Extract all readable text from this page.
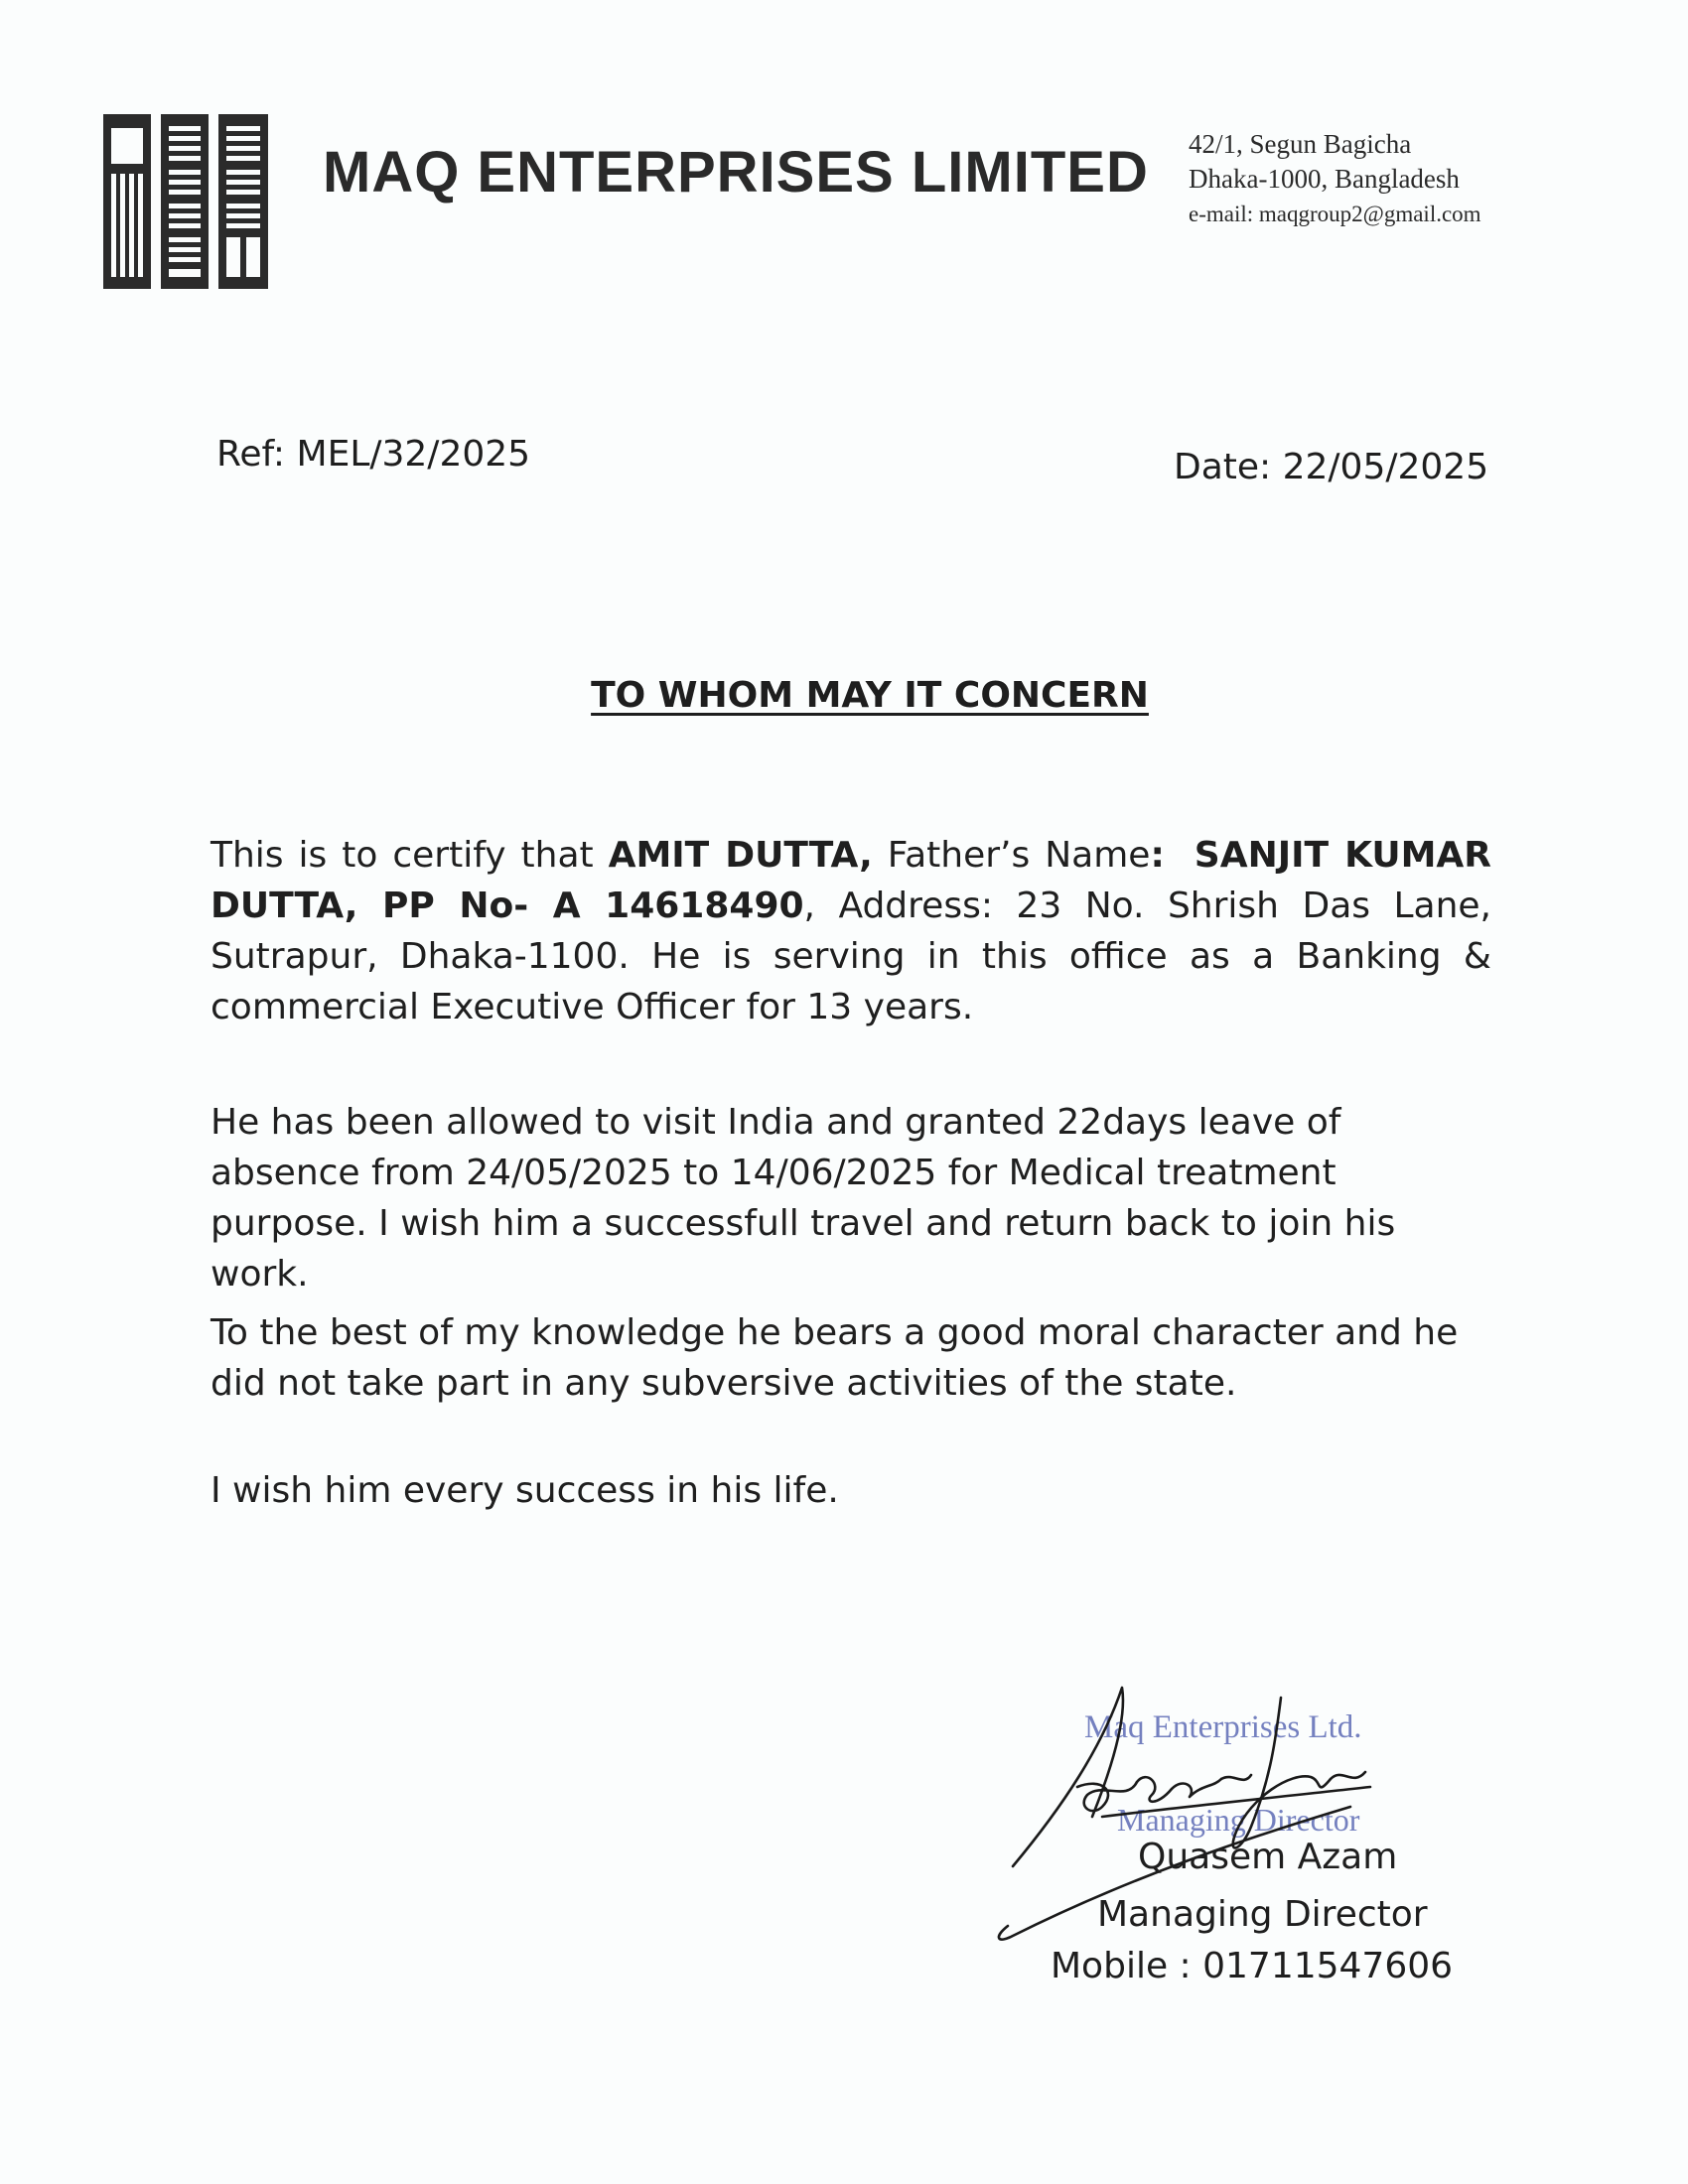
MAQ ENTERPRISES LIMITED 42/1, Segun Bagicha
Dhaka-1000, Bangladesh
e-mail: maqgroup2@gmail.com
Ref: MEL/32/2025	Date: 22/05/2025
TO WHOM MAY IT CONCERN
This is to certify that AMIT DUTTA, Father’s Name: SANJIT KUMAR DUTTA, PP No- A 14618490, Address: 23 No. Shrish Das Lane, Sutrapur, Dhaka-1100. He is serving in this office as a Banking & commercial Executive Officer for 13 years.
He has been allowed to visit India and granted 22days leave of absence from 24/05/2025 to 14/06/2025 for Medical treatment purpose. I wish him a successfull travel and return back to join his work.
To the best of my knowledge he bears a good moral character and he did not take part in any subversive activities of the state.
I wish him every success in his life.
Maq Enterprises Ltd.
Managing Director
Quasem Azam
Managing Director
Mobile : 01711547606
